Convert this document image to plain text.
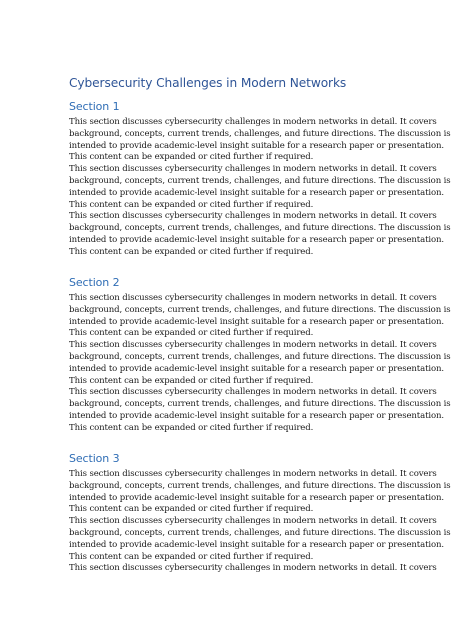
Cybersecurity Challenges in Modern Networks
Section 1

This section discusses cybersecurity challenges in modern networks in detail. It covers
background, concepts, current trends, challenges, and future directions. The discussion is
intended to provide academic-level insight suitable for a research paper or presentation.
This content can be expanded or cited further if required.

This section discusses cybersecurity challenges in modern networks in detail. It covers
background, concepts, current trends, challenges, and future directions. The discussion is
intended to provide academic-level insight suitable for a research paper or presentation.
This content can be expanded or cited further if required.

This section discusses cybersecurity challenges in modern networks in detail. It covers
background, concepts, current trends, challenges, and future directions. The discussion is
intended to provide academic-level insight suitable for a research paper or presentation.
This content can be expanded or cited further if required.

Section 2

This section discusses cybersecurity challenges in modern networks in detail. It covers
background, concepts, current trends, challenges, and future directions. The discussion is
intended to provide academic-level insight suitable for a research paper or presentation.
This content can be expanded or cited further if required.

This section discusses cybersecurity challenges in modern networks in detail. It covers
background, concepts, current trends, challenges, and future directions. The discussion is
intended to provide academic-level insight suitable for a research paper or presentation.
This content can be expanded or cited further if required.

This section discusses cybersecurity challenges in modern networks in detail. It covers
background, concepts, current trends, challenges, and future directions. The discussion is
intended to provide academic-level insight suitable for a research paper or presentation.
This content can be expanded or cited further if required.

Section 3

This section discusses cybersecurity challenges in modern networks in detail. It covers
background, concepts, current trends, challenges, and future directions. The discussion is
intended to provide academic-level insight suitable for a research paper or presentation.
This content can be expanded or cited further if required.

This section discusses cybersecurity challenges in modern networks in detail. It covers
background, concepts, current trends, challenges, and future directions. The discussion is
intended to provide academic-level insight suitable for a research paper or presentation.
This content can be expanded or cited further if required.

This section discusses cybersecurity challenges in modern networks in detail. It covers
